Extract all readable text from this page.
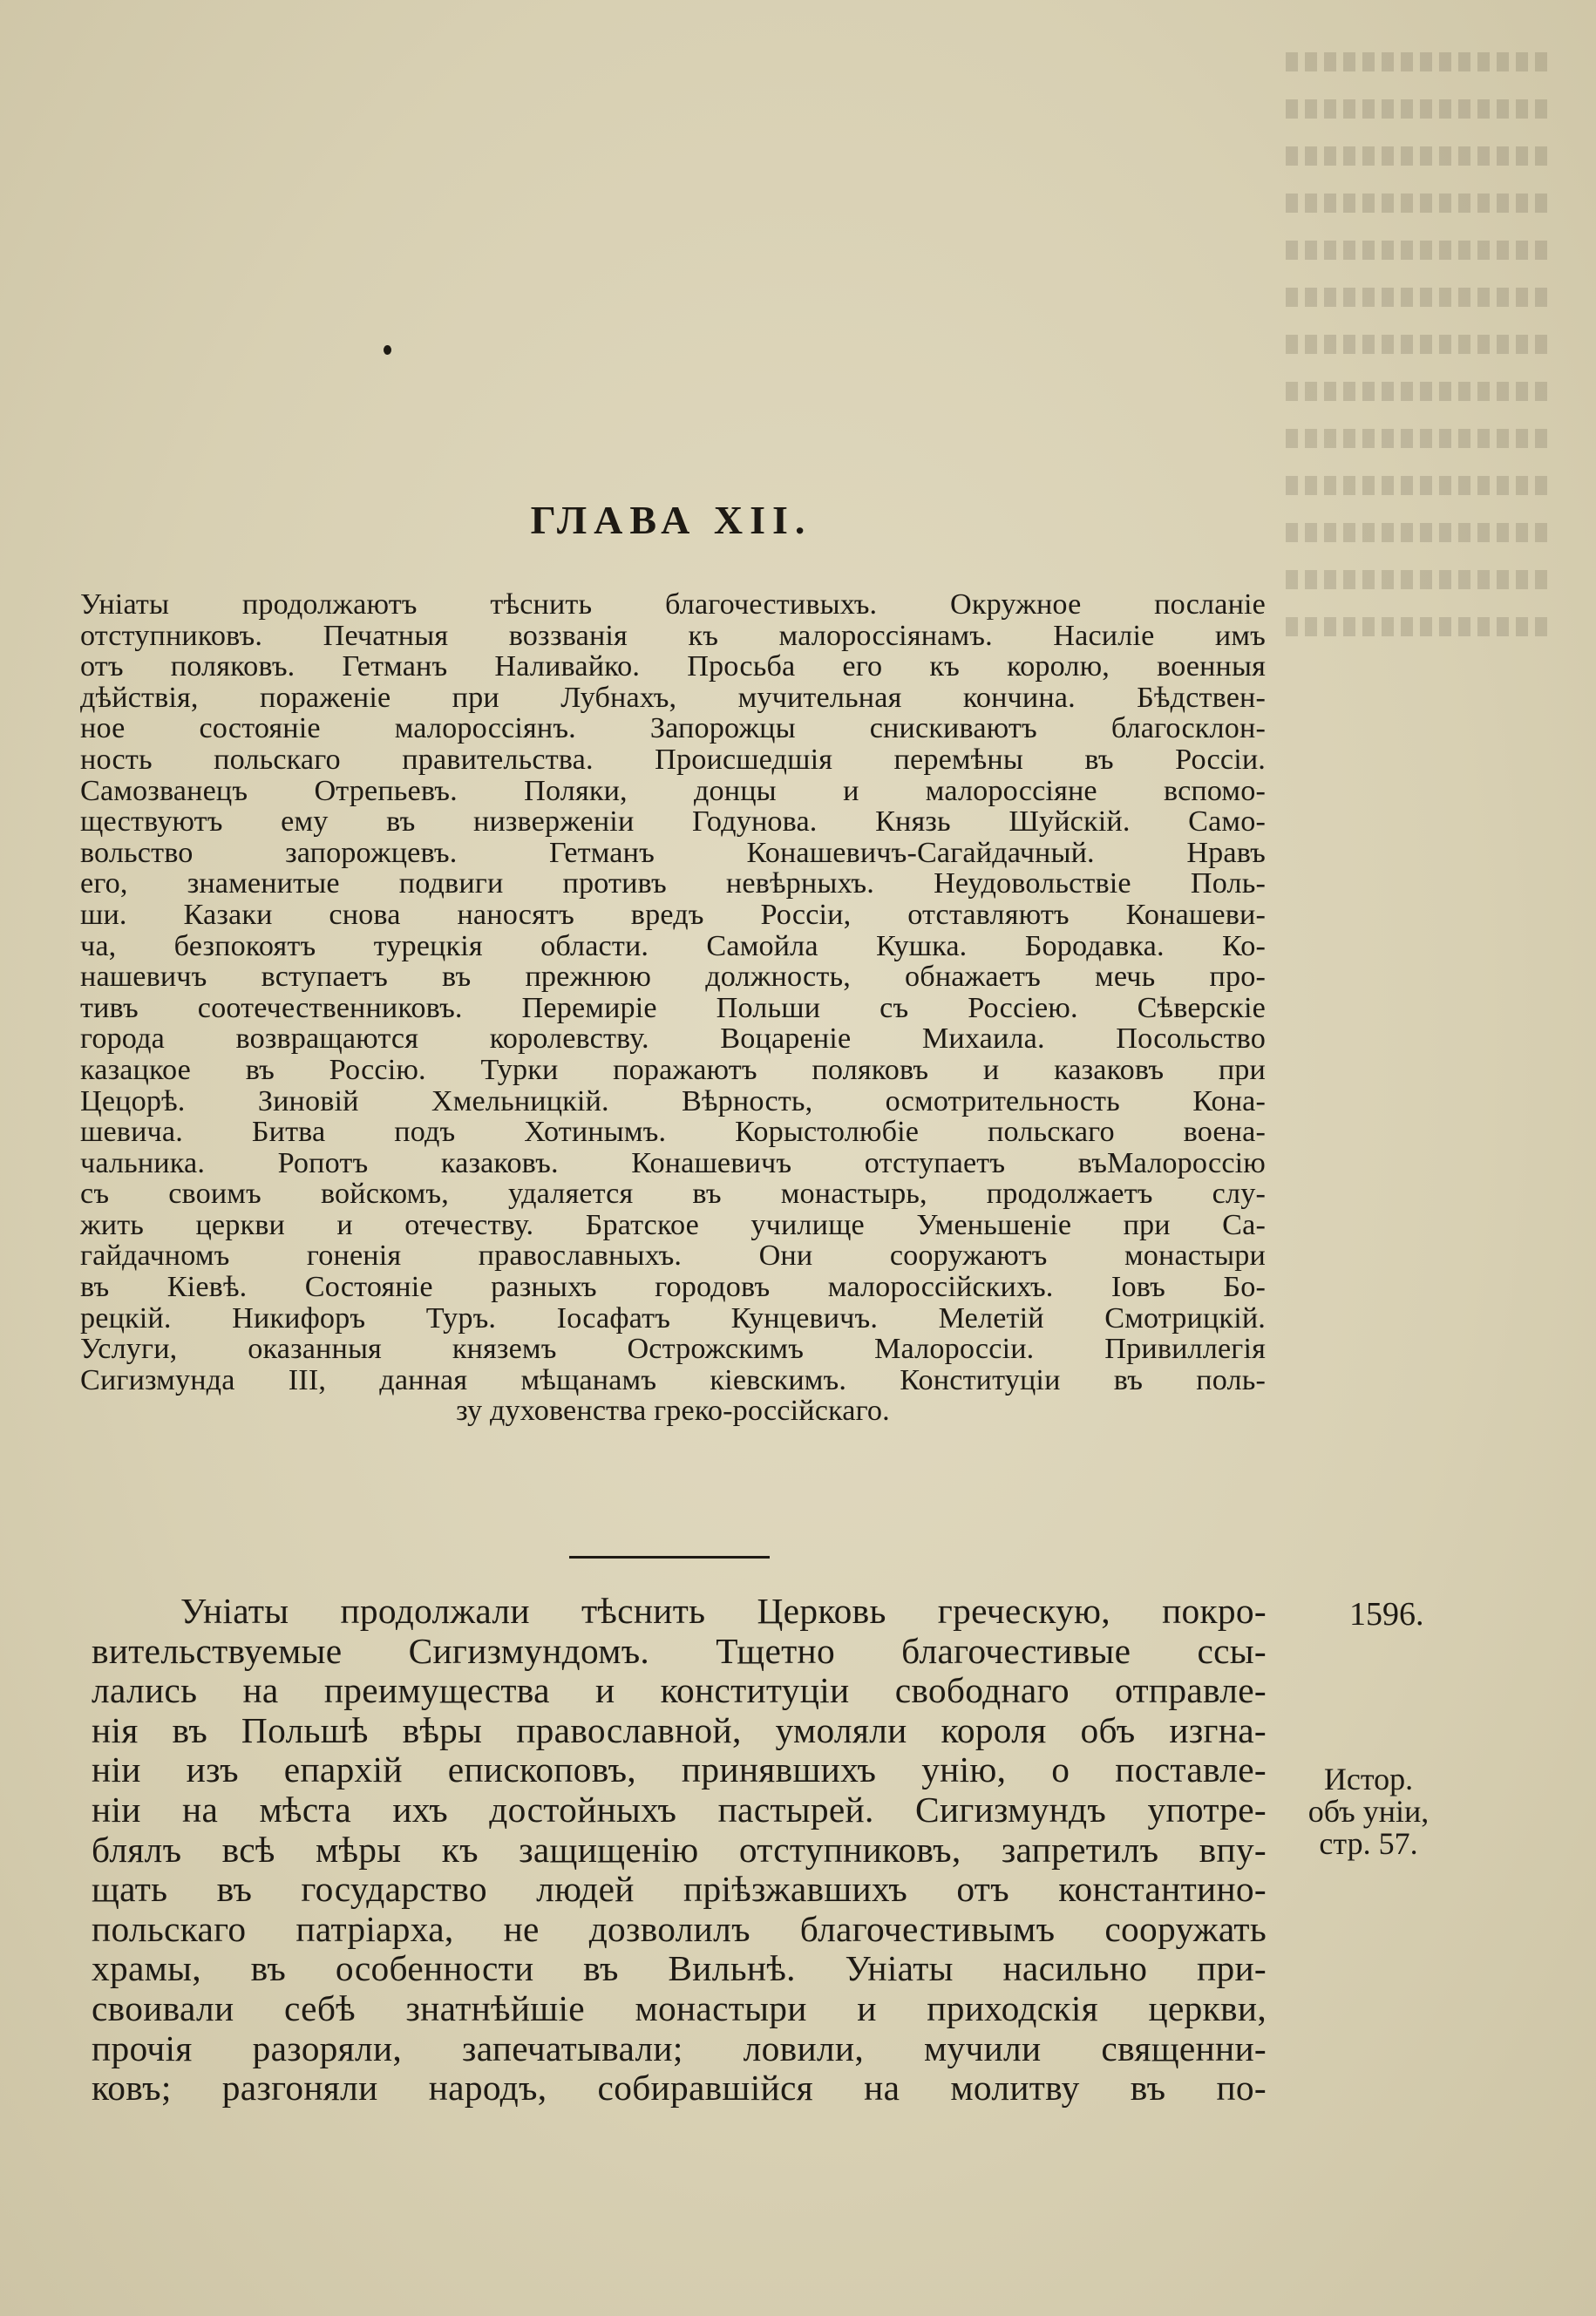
ГЛАВА XII.
Уніаты продолжаютъ тѣснить благочестивыхъ. Окружное посланіе
отступниковъ. Печатныя воззванія къ малороссіянамъ. Насиліе имъ
отъ поляковъ. Гетманъ Наливайко. Просьба его къ королю, военныя
дѣйствія, пораженіе при Лубнахъ, мучительная кончина. Бѣдствен-
ное состояніе малороссіянъ. Запорожцы снискиваютъ благосклон-
ность польскаго правительства. Происшедшія перемѣны въ Россіи.
Самозванецъ Отрепьевъ. Поляки, донцы и малороссіяне вспомо-
ществуютъ ему въ низверженіи Годунова. Князь Шуйскій. Само-
вольство запорожцевъ. Гетманъ Конашевичъ-Сагайдачный. Нравъ
его, знаменитые подвиги противъ невѣрныхъ. Неудовольствіе Поль-
ши. Казаки снова наносятъ вредъ Россіи, отставляютъ Конашеви-
ча, безпокоятъ турецкія области. Самойла Кушка. Бородавка. Ко-
нашевичъ вступаетъ въ прежнюю должность, обнажаетъ мечь про-
тивъ соотечественниковъ. Перемиріе Польши съ Россіею. Сѣверскіе
города возвращаются королевству. Воцареніе Михаила. Посольство
казацкое въ Россію. Турки поражаютъ поляковъ и казаковъ при
Цецорѣ. Зиновій Хмельницкій. Вѣрность, осмотрительность Кона-
шевича. Битва подъ Хотинымъ. Корыстолюбіе польскаго воена-
чальника. Ропотъ казаковъ. Конашевичъ отступаетъ въМалороссію
съ своимъ войскомъ, удаляется въ монастырь, продолжаетъ слу-
жить церкви и отечеству. Братское училище Уменьшеніе при Са-
гайдачномъ гоненія православныхъ. Они сооружаютъ монастыри
въ Кіевѣ. Состояніе разныхъ городовъ малороссійскихъ. Іовъ Бо-
рецкій. Никифоръ Туръ. Іосафатъ Кунцевичъ. Мелетій Смотрицкій.
Услуги, оказанныя княземъ Острожскимъ Малороссіи. Привиллегія
Сигизмунда III, данная мѣщанамъ кіевскимъ. Конституціи въ поль-
зу духовенства греко-россійскаго.
Уніаты продолжали тѣснить Церковь греческую, покро-
вительствуемые Сигизмундомъ. Тщетно благочестивые ссы-
лались на преимущества и конституціи свободнаго отправле-
нія въ Польшѣ вѣры православной, умоляли короля объ изгна-
ніи изъ епархій епископовъ, принявшихъ унію, о поставле-
ніи на мѣста ихъ достойныхъ пастырей. Сигизмундъ употре-
блялъ всѣ мѣры къ защищенію отступниковъ, запретилъ впу-
щать въ государство людей пріѣзжавшихъ отъ константино-
польскаго патріарха, не дозволилъ благочестивымъ сооружать
храмы, въ особенности въ Вильнѣ. Уніаты насильно при-
своивали себѣ знатнѣйшіе монастыри и приходскія церкви,
прочія разоряли, запечатывали; ловили, мучили священни-
ковъ; разгоняли народъ, собиравшійся на молитву въ по-

1596.

Истор.
объ уніи,
стр. 57.
